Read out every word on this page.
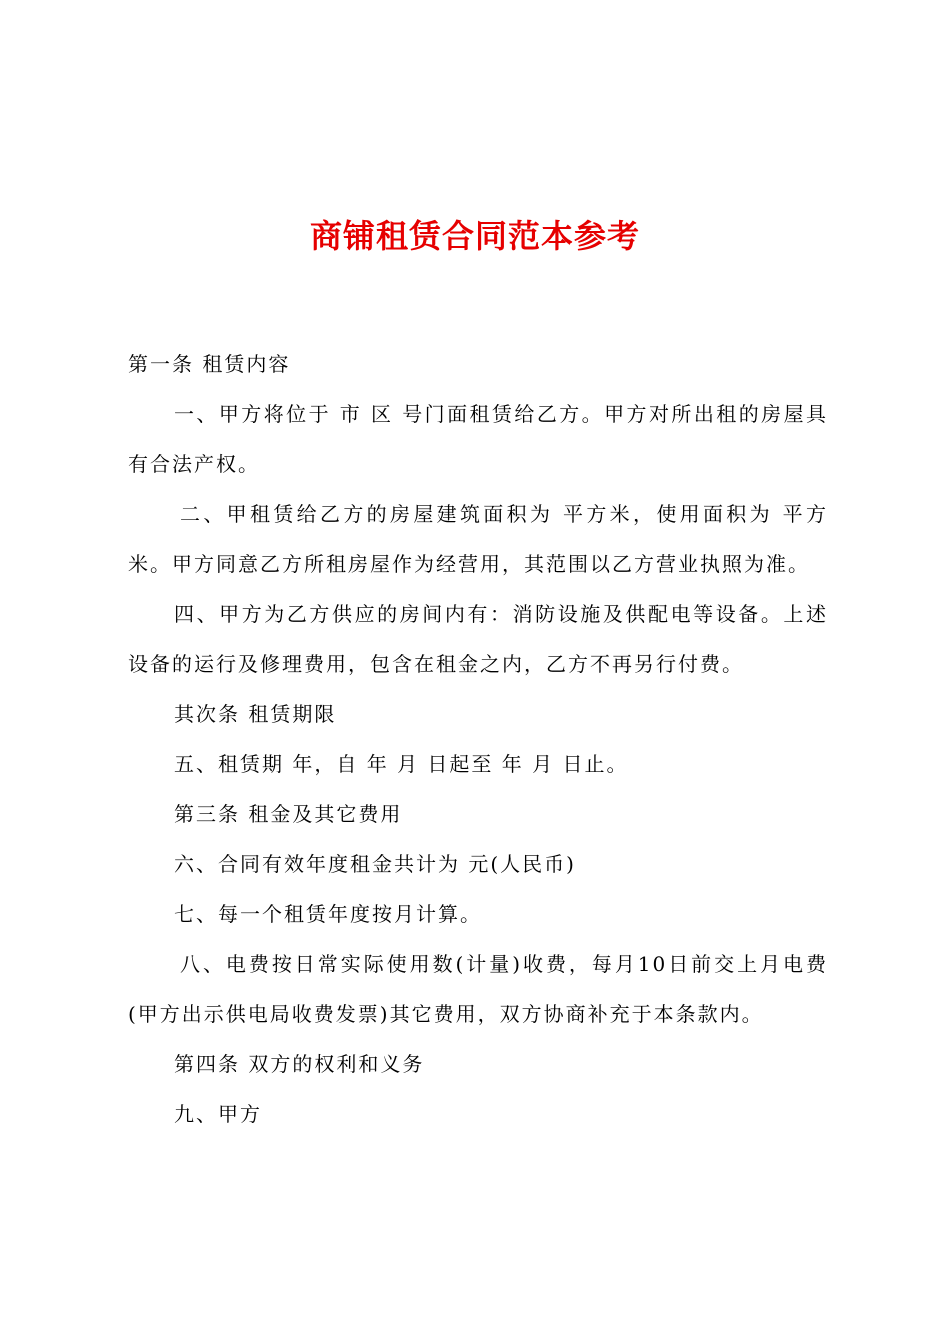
商铺租赁合同范本参考

第一条 租赁内容

一、甲方将位于 市 区 号门面租赁给乙方。甲方对所出租的房屋具有合法产权。

二、甲租赁给乙方的房屋建筑面积为 平方米，使用面积为 平方米。甲方同意乙方所租房屋作为经营用，其范围以乙方营业执照为准。

四、甲方为乙方供应的房间内有：消防设施及供配电等设备。上述设备的运行及修理费用，包含在租金之内，乙方不再另行付费。

其次条 租赁期限

五、租赁期 年，自 年 月 日起至 年 月 日止。

第三条 租金及其它费用

六、合同有效年度租金共计为 元(人民币)

七、每一个租赁年度按月计算。

八、电费按日常实际使用数(计量)收费，每月10日前交上月电费(甲方出示供电局收费发票)其它费用，双方协商补充于本条款内。

第四条 双方的权利和义务

九、甲方
